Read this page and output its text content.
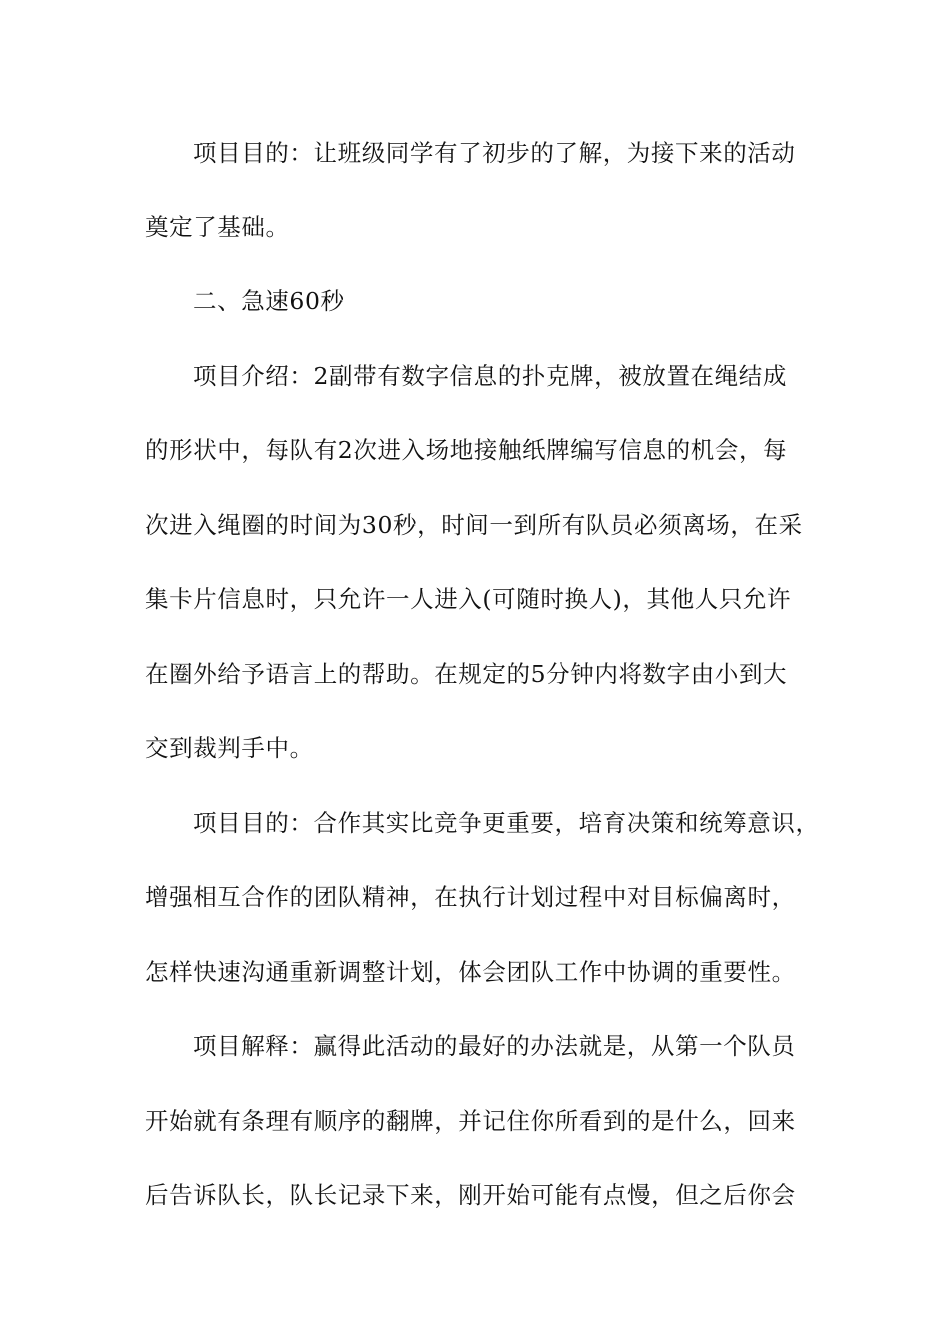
项目目的：让班级同学有了初步的了解，为接下来的活动
奠定了基础。
二、急速60秒
项目介绍：2副带有数字信息的扑克牌，被放置在绳结成
的形状中，每队有2次进入场地接触纸牌编写信息的机会，每
次进入绳圈的时间为30秒，时间一到所有队员必须离场，在采
集卡片信息时，只允许一人进入(可随时换人)，其他人只允许
在圈外给予语言上的帮助。在规定的5分钟内将数字由小到大
交到裁判手中。
项目目的：合作其实比竞争更重要，培育决策和统筹意识，
增强相互合作的团队精神，在执行计划过程中对目标偏离时，
怎样快速沟通重新调整计划，体会团队工作中协调的重要性。
项目解释：赢得此活动的最好的办法就是，从第一个队员
开始就有条理有顺序的翻牌，并记住你所看到的是什么，回来
后告诉队长，队长记录下来，刚开始可能有点慢，但之后你会
